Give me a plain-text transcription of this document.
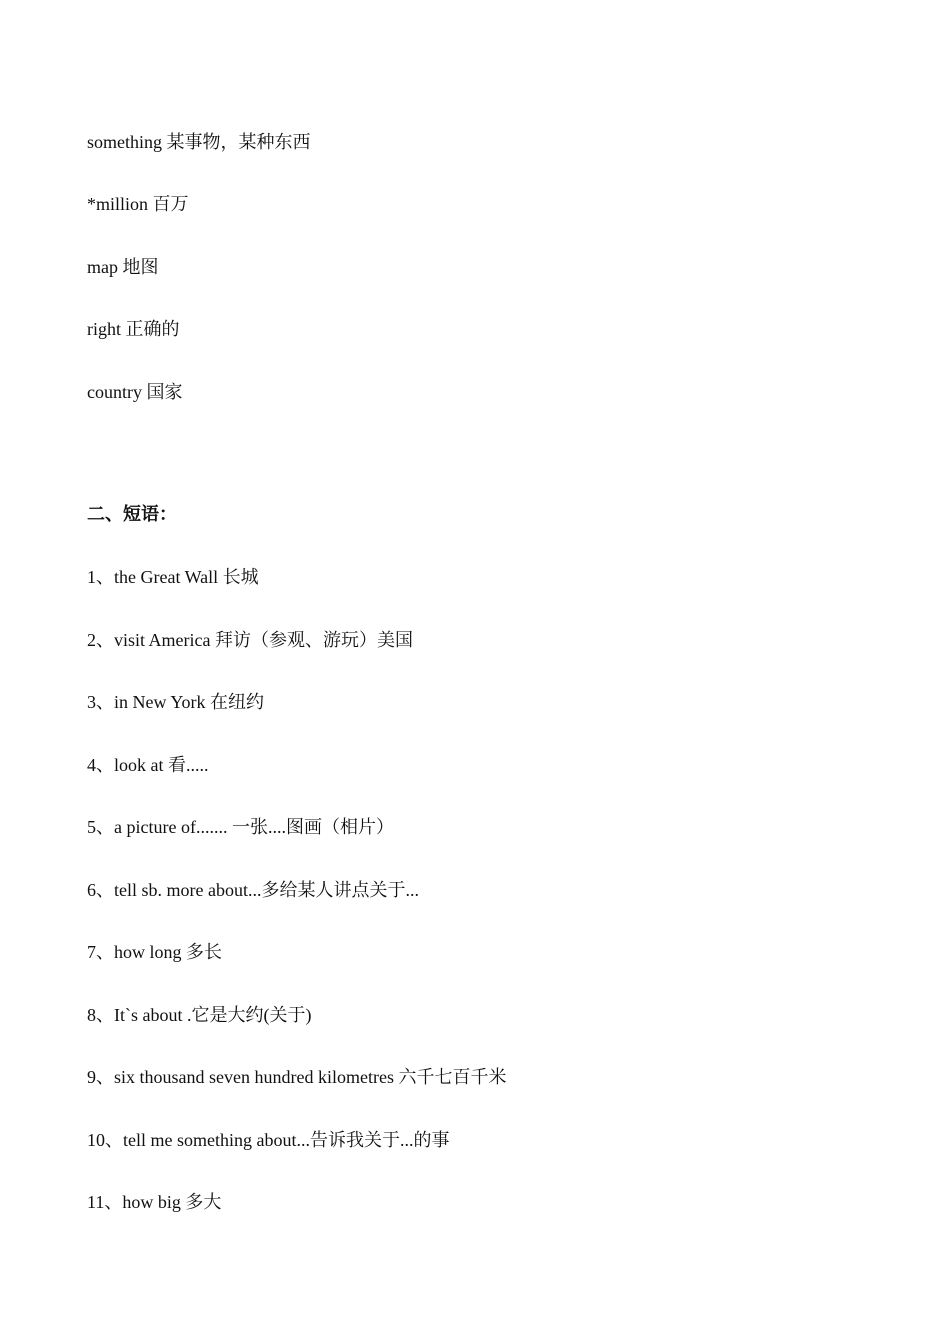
something 某事物，某种东西
*million 百万
map 地图
right 正确的
country 国家
二、短语：
1、the Great Wall 长城
2、visit America 拜访（参观、游玩）美国
3、in New York 在纽约
4、look at 看.....
5、a picture of....... 一张....图画（相片）
6、tell sb. more about...多给某人讲点关于...
7、how long 多长
8、It`s about .它是大约(关于)
9、six thousand seven hundred kilometres 六千七百千米
10、tell me something about...告诉我关于...的事
11、how big 多大
